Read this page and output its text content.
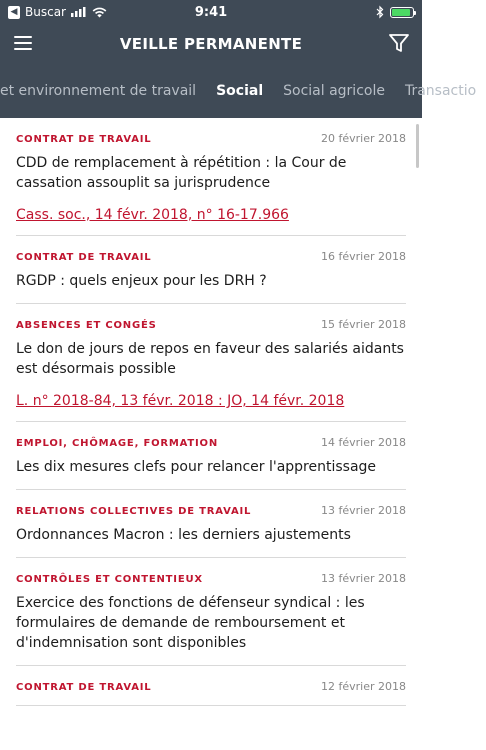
◀ Buscar	9:41
VEILLE PERMANENTE
et environnement de travail	Social	Social agricole	Transactio
CONTRAT DE TRAVAIL	20 février 2018
CDD de remplacement à répétition : la Cour de cassation assouplit sa jurisprudence
Cass. soc., 14 févr. 2018, n° 16-17.966
CONTRAT DE TRAVAIL	16 février 2018
RGDP : quels enjeux pour les DRH ?
ABSENCES ET CONGÉS	15 février 2018
Le don de jours de repos en faveur des salariés aidants est désormais possible
L. n° 2018-84, 13 févr. 2018 : JO, 14 févr. 2018
EMPLOI, CHÔMAGE, FORMATION	14 février 2018
Les dix mesures clefs pour relancer l'apprentissage
RELATIONS COLLECTIVES DE TRAVAIL	13 février 2018
Ordonnances Macron : les derniers ajustements
CONTRÔLES ET CONTENTIEUX	13 février 2018
Exercice des fonctions de défenseur syndical : les formulaires de demande de remboursement et d'indemnisation sont disponibles
CONTRAT DE TRAVAIL	12 février 2018
